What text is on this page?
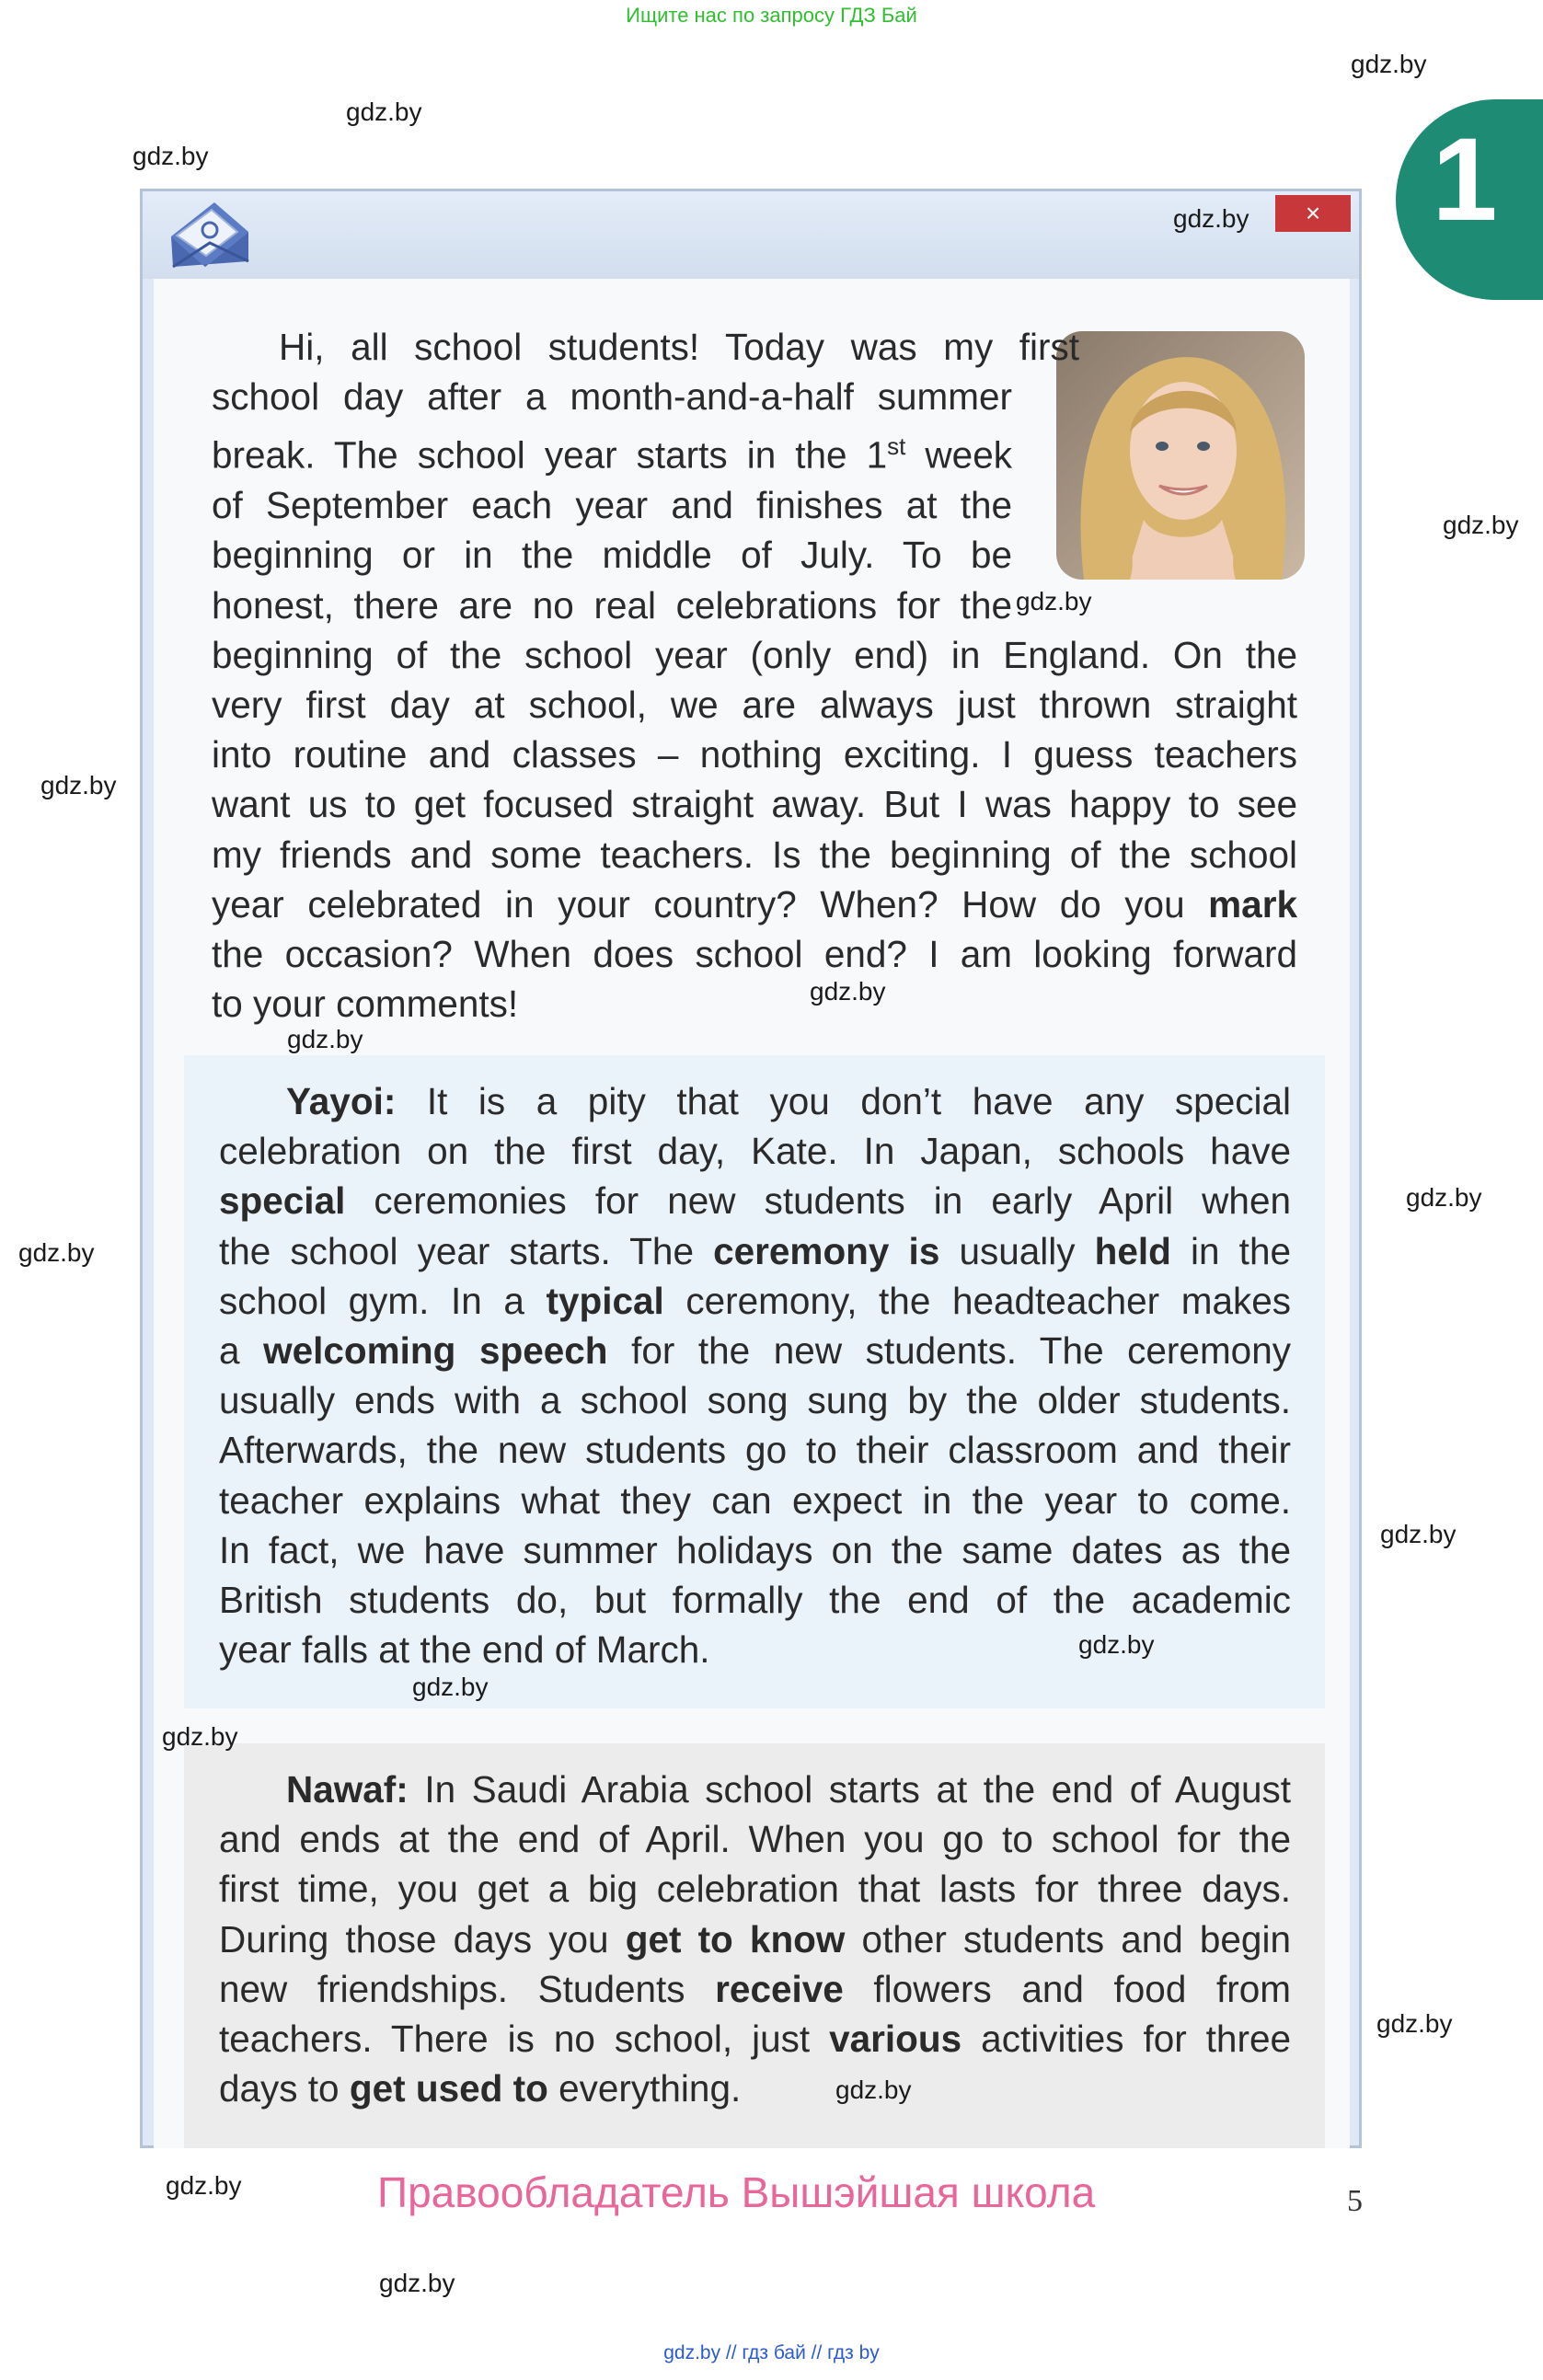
Ищите нас по запросу ГДЗ Бай
1
×
Hi, all school students! Today was my first
school day after a month-and-a-half summer
break. The school year starts in the 1st week
of September each year and finishes at the
beginning or in the middle of July. To be
honest, there are no real celebrations for the
beginning of the school year (only end) in England. On the
very first day at school, we are always just thrown straight
into routine and classes – nothing exciting. I guess teachers
want us to get focused straight away. But I was happy to see
my friends and some teachers. Is the beginning of the school
year celebrated in your country? When? How do you mark
the occasion? When does school end? I am looking forward
to your comments!
Yayoi: It is a pity that you don’t have any special
celebration on the first day, Kate. In Japan, schools have
special ceremonies for new students in early April when
the school year starts. The ceremony is usually held in the
school gym. In a typical ceremony, the headteacher makes
a welcoming speech for the new students. The ceremony
usually ends with a school song sung by the older students.
Afterwards, the new students go to their classroom and their
teacher explains what they can expect in the year to come.
In fact, we have summer holidays on the same dates as the
British students do, but formally the end of the academic
year falls at the end of March.
Nawaf: In Saudi Arabia school starts at the end of August
and ends at the end of April. When you go to school for the
first time, you get a big celebration that lasts for three days.
During those days you get to know other students and begin
new friendships. Students receive flowers and food from
teachers. There is no school, just various activities for three
days to get used to everything.
gdz.by
gdz.by
gdz.by
gdz.by
gdz.by
gdz.by
gdz.by
gdz.by
gdz.by
gdz.by
gdz.by
gdz.by
gdz.by
gdz.by
gdz.by
gdz.by
gdz.by
gdz.by
gdz.by
Правообладатель Вышэйшая школа	5
gdz.by // гдз бай // гдз by
